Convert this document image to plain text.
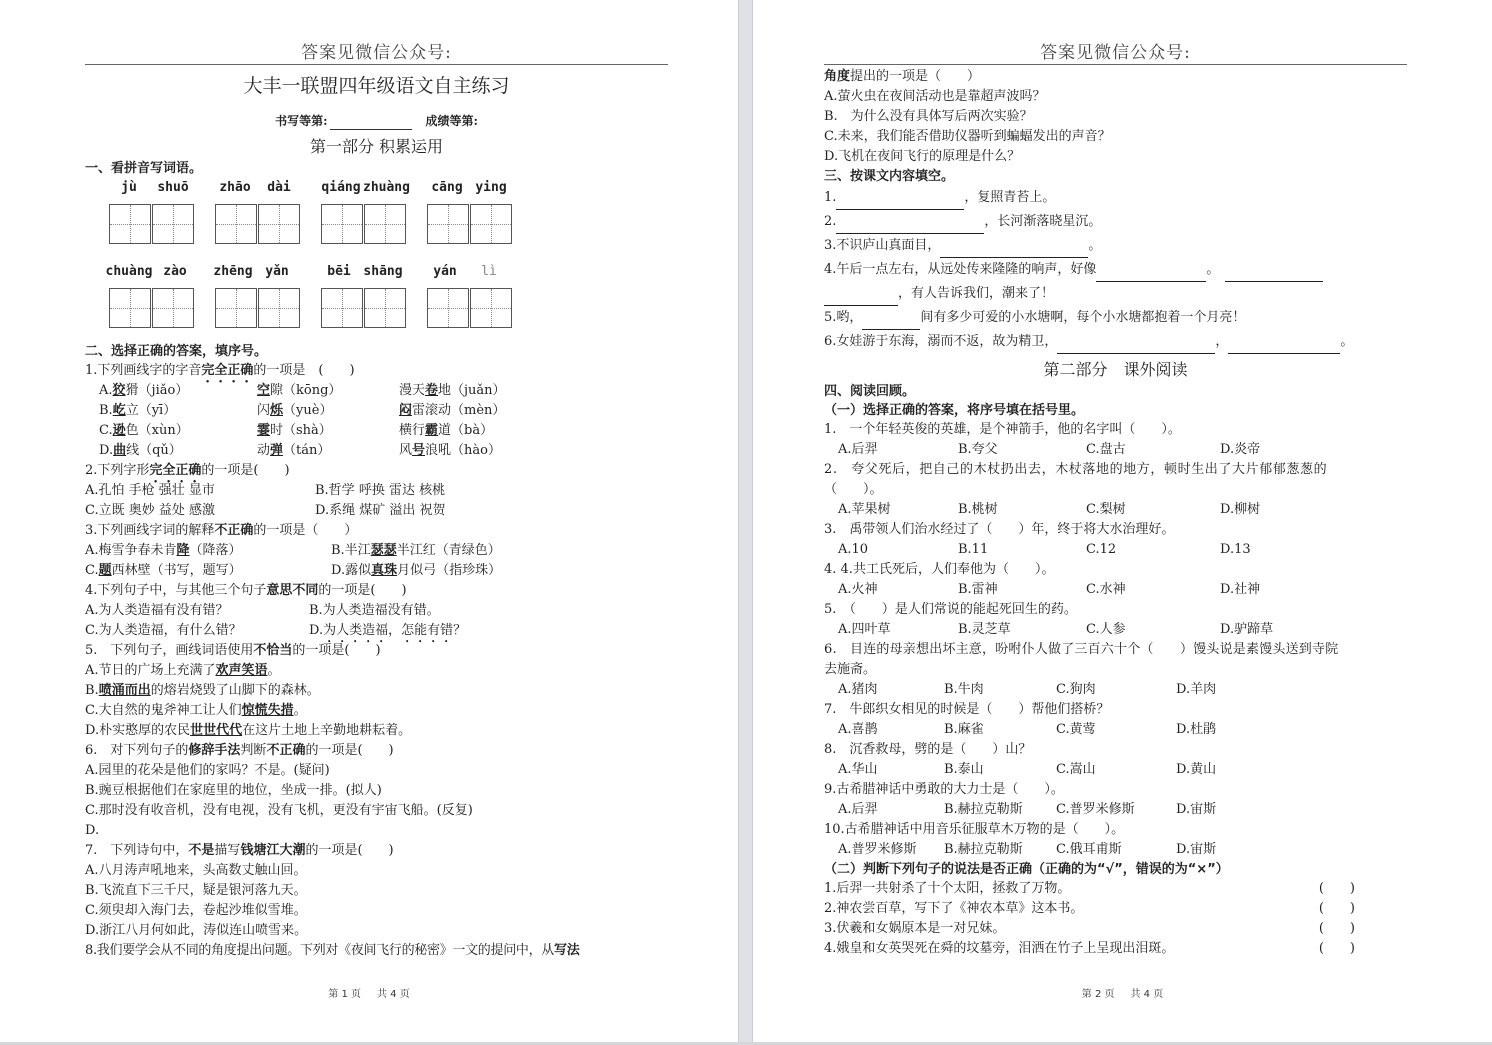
答案见微信公众号:
大丰一联盟四年级语文自主练习
书写等第:	成绩等第:
第一部分 积累运用
一、看拼音写词语。
jù	shuō	zhāo	dài	qiáng zhuàng	cāng ying
chuàng zào	zhēng yǎn	bēi shāng	yán	lì
二、选择正确的答案，填序号。
1.下列画线字的字音完全正确的一项是　(　　)
A.狡猾（jiǎo）	空隙（kōng）	漫天卷地（juǎn）
B.屹立（yī）	闪烁（yuè）	闷雷滚动（mèn）
C.逊色（xùn）	霎时（shà）	横行霸道（bà）
D.曲线（qǔ）	动弹（tán）	风号浪吼（hào）
2.下列字形完全正确的一项是(　　)
A.孔怕 手枪 强壮 显市	B.哲学 呼换 雷达 核桃
C.立既 奥妙 益处 感激	D.系绳 煤矿 溢出 祝贺
3.下列画线字词的解释不正确的一项是（　　）
A.梅雪争春未肯降（降落）	B.半江瑟瑟半江红（青绿色）
C.题西林壁（书写，题写）	D.露似真珠月似弓（指珍珠）
4.下列句子中，与其他三个句子意思不同的一项是(　　)
A.为人类造福有没有错？	B.为人类造福没有错。
C.为人类造福，有什么错？	D.为人类造福，怎能有错？
5.　下列句子，画线词语使用不恰当的一项是(　　)
A.节日的广场上充满了欢声笑语。
B.喷涌而出的熔岩烧毁了山脚下的森林。
C.大自然的鬼斧神工让人们惊慌失措。
D.朴实憨厚的农民世世代代在这片土地上辛勤地耕耘着。
6.　对下列句子的修辞手法判断不正确的一项是(　　)
A.园里的花朵是他们的家吗？不是。(疑问)
B.豌豆根据他们在家庭里的地位，坐成一排。(拟人)
C.那时没有收音机，没有电视，没有飞机，更没有宇宙飞船。(反复)
D.
7.　下列诗句中，不是描写钱塘江大潮的一项是(　　)
A.八月涛声吼地来，头高数丈触山回。
B.飞流直下三千尺，疑是银河落九天。
C.须臾却入海门去，卷起沙堆似雪堆。
D.浙江八月何如此，涛似连山喷雪来。
8.我们要学会从不同的角度提出问题。下列对《夜间飞行的秘密》一文的提问中，从写法
第 1 页 共 4 页
答案见微信公众号:
角度提出的一项是（　　）
A.萤火虫在夜间活动也是靠超声波吗？
B.　为什么没有具体写后两次实验？
C.未来，我们能否借助仪器听到蝙蝠发出的声音？
D.飞机在夜间飞行的原理是什么？
三、按课文内容填空。
1.	，复照青苔上。
2.	，长河渐落晓星沉。
3.不识庐山真面目，	。
4.午后一点左右，从远处传来隆隆的响声，好像	。
，有人告诉我们，潮来了！
5.哟，	间有多少可爱的小水塘啊，每个小水塘都抱着一个月亮！
6.女娃游于东海，溺而不返，故为精卫，	，	。
第二部分　课外阅读
四、阅读回顾。
（一）选择正确的答案，将序号填在括号里。
1.　一个年轻英俊的英雄，是个神箭手，他的名字叫（　　）。
A.后羿	B.夸父	C.盘古	D.炎帝
2.　夸父死后，把自己的木杖扔出去，木杖落地的地方，顿时生出了大片郁郁葱葱的
（　　）。
A.苹果树	B.桃树	C.梨树	D.柳树
3.　禹带领人们治水经过了（　　）年，终于将大水治理好。
A.10	B.11	C.12	D.13
4. 4.共工氏死后，人们奉他为（　　）。
A.火神	B.雷神	C.水神	D.社神
5.　（　　）是人们常说的能起死回生的药。
A.四叶草	B.灵芝草	C.人参	D.驴蹄草
6.　目连的母亲想出坏主意，吩咐仆人做了三百六十个（　　）馒头说是素馒头送到寺院
去施斋。
A.猪肉	B.牛肉	C.狗肉	D.羊肉
7.　牛郎织女相见的时候是（　　）帮他们搭桥？
A.喜鹊	B.麻雀	C.黄莺	D.杜鹃
8.　沉香救母，劈的是（　　）山？
A.华山	B.泰山	C.嵩山	D.黄山
9.古希腊神话中勇敢的大力士是（　　）。
A.后羿	B.赫拉克勒斯	C.普罗米修斯	D.宙斯
10.古希腊神话中用音乐征服草木万物的是（　　）。
A.普罗米修斯	B.赫拉克勒斯	C.俄耳甫斯	D.宙斯
（二）判断下列句子的说法是否正确（正确的为“√”，错误的为“×”）
1.后羿一共射杀了十个太阳，拯救了万物。	(　　)
2.神农尝百草，写下了《神农本草》这本书。	(　　)
3.伏羲和女娲原本是一对兄妹。	(　　)
4.娥皇和女英哭死在舜的坟墓旁，泪洒在竹子上呈现出泪斑。	(　　)
第 2 页 共 4 页
